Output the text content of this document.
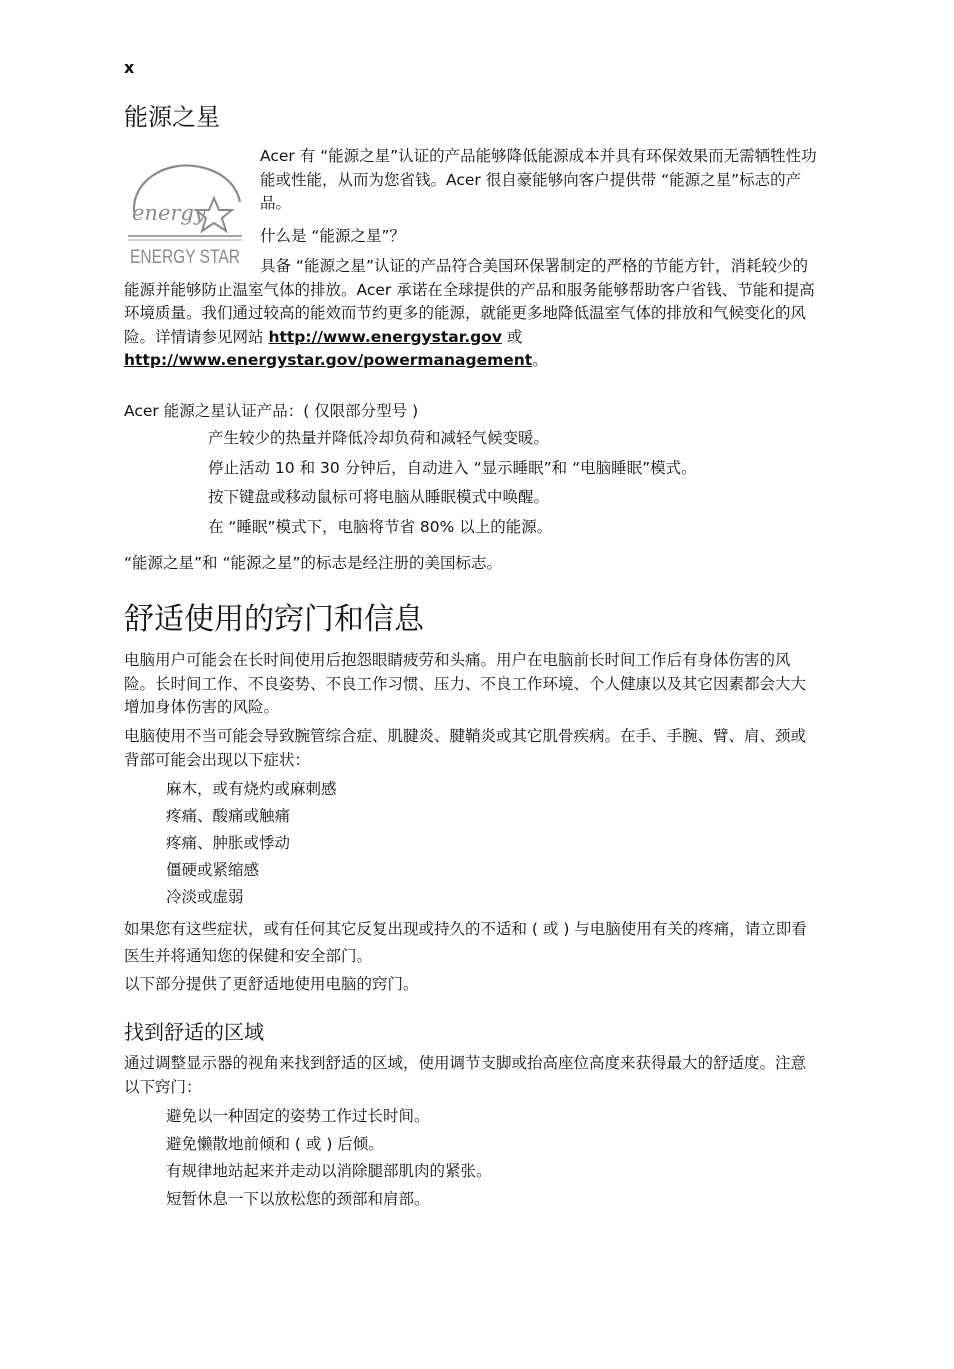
x
能源之星
energy
ENERGY STAR

Acer 有 “能源之星”认证的产品能够降低能源成本并具有环保效果而无需牺牲性功能或性能，从而为您省钱。Acer 很自豪能够向客户提供带 “能源之星”标志的产品。

什么是 “能源之星”？

具备 “能源之星”认证的产品符合美国环保署制定的严格的节能方针，消耗较少的能源并能够防止温室气体的排放。Acer 承诺在全球提供的产品和服务能够帮助客户省钱、节能和提高环境质量。我们通过较高的能效而节约更多的能源，就能更多地降低温室气体的排放和气候变化的风险。详情请参见网站 http://www.energystar.gov 或
http://www.energystar.gov/powermanagement。

Acer 能源之星认证产品：( 仅限部分型号 )

产生较少的热量并降低冷却负荷和减轻气候变暖。
停止活动 10 和 30 分钟后，自动进入 “显示睡眠”和 “电脑睡眠”模式。
按下键盘或移动鼠标可将电脑从睡眠模式中唤醒。
在 “睡眠”模式下，电脑将节省 80% 以上的能源。

“能源之星”和 “能源之星”的标志是经注册的美国标志。

舒适使用的窍门和信息

电脑用户可能会在长时间使用后抱怨眼睛疲劳和头痛。用户在电脑前长时间工作后有身体伤害的风险。长时间工作、不良姿势、不良工作习惯、压力、不良工作环境、个人健康以及其它因素都会大大增加身体伤害的风险。

电脑使用不当可能会导致腕管综合症、肌腱炎、腱鞘炎或其它肌骨疾病。在手、手腕、臂、肩、颈或背部可能会出现以下症状：

麻木，或有烧灼或麻刺感
疼痛、酸痛或触痛
疼痛、肿胀或悸动
僵硬或紧缩感
冷淡或虚弱

如果您有这些症状，或有任何其它反复出现或持久的不适和 ( 或 ) 与电脑使用有关的疼痛，请立即看医生并将通知您的保健和安全部门。

以下部分提供了更舒适地使用电脑的窍门。

找到舒适的区域

通过调整显示器的视角来找到舒适的区域，使用调节支脚或抬高座位高度来获得最大的舒适度。注意以下窍门：

避免以一种固定的姿势工作过长时间。
避免懒散地前倾和 ( 或 ) 后倾。
有规律地站起来并走动以消除腿部肌肉的紧张。
短暂休息一下以放松您的颈部和肩部。
